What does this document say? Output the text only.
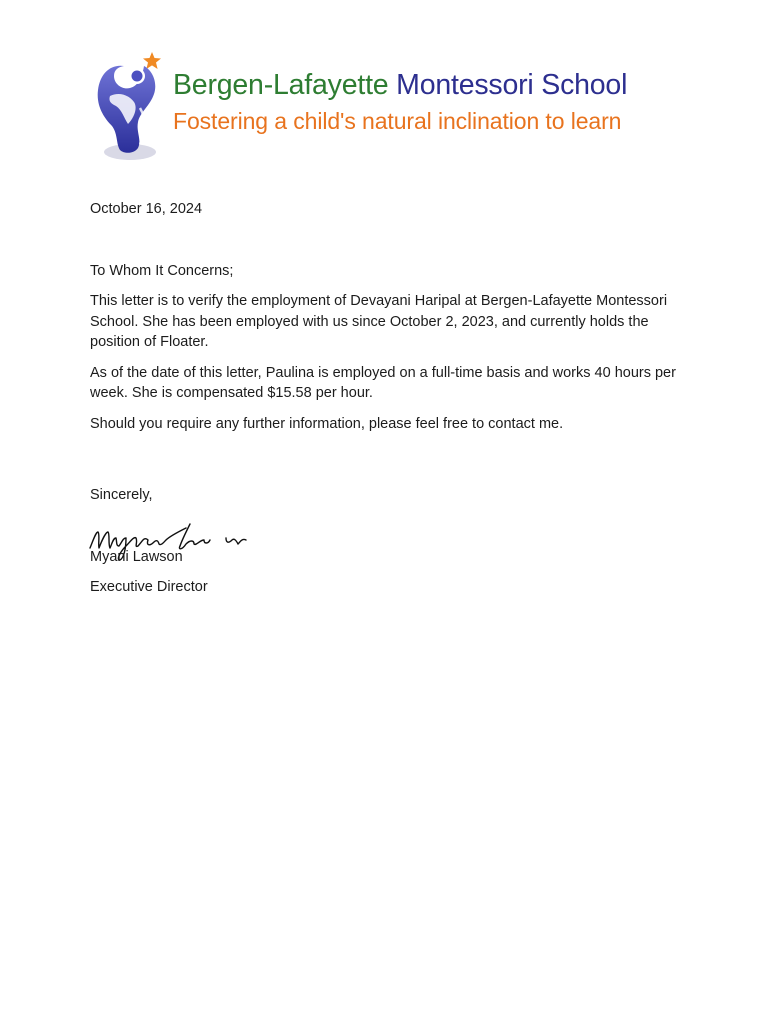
Bergen-Lafayette Montessori School
Fostering a child's natural inclination to learn

October 16, 2024

To Whom It Concerns;

This letter is to verify the employment of Devayani Haripal at Bergen-Lafayette Montessori School. She has been employed with us since October 2, 2023, and currently holds the position of Floater.

As of the date of this letter, Paulina is employed on a full-time basis and works 40 hours per week. She is compensated $15.58 per hour.

Should you require any further information, please feel free to contact me.

Sincerely,

Myani Lawson

Executive Director
